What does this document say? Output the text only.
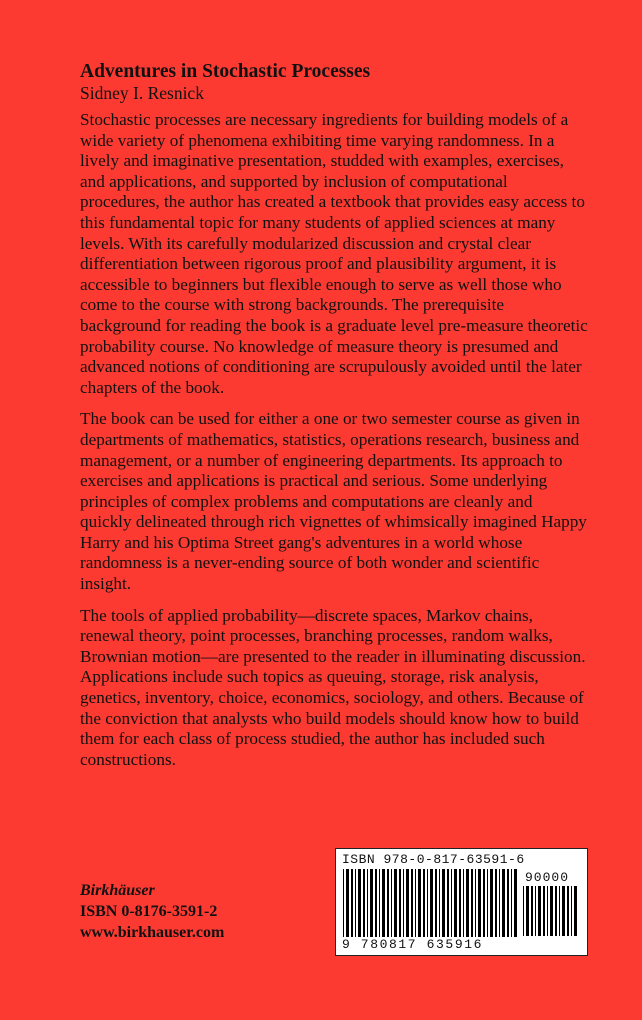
Adventures in Stochastic Processes
Sidney I. Resnick

Stochastic processes are necessary ingredients for building models of a wide variety of phenomena exhibiting time varying randomness. In a lively and imaginative presentation, studded with examples, exercises, and applications, and supported by inclusion of computational procedures, the author has created a textbook that provides easy access to this fundamental topic for many students of applied sciences at many levels. With its carefully modularized discussion and crystal clear differentiation between rigorous proof and plausibility argument, it is accessible to beginners but flexible enough to serve as well those who come to the course with strong backgrounds. The prerequisite background for reading the book is a graduate level pre-measure theoretic probability course. No knowledge of measure theory is presumed and advanced notions of conditioning are scrupulously avoided until the later chapters of the book.

The book can be used for either a one or two semester course as given in departments of mathematics, statistics, operations research, business and management, or a number of engineering departments. Its approach to exercises and applications is practical and serious. Some underlying principles of complex problems and computations are cleanly and quickly delineated through rich vignettes of whimsically imagined Happy Harry and his Optima Street gang's adventures in a world whose randomness is a never-ending source of both wonder and scientific insight.

The tools of applied probability—discrete spaces, Markov chains, renewal theory, point processes, branching processes, random walks, Brownian motion—are presented to the reader in illuminating discussion. Applications include such topics as queuing, storage, risk analysis, genetics, inventory, choice, economics, sociology, and others. Because of the conviction that analysts who build models should know how to build them for each class of process studied, the author has included such constructions.

Birkhäuser
ISBN 0-8176-3591-2
www.birkhauser.com
ISBN 978-0-817-63591-6
9 780817 635916
90000
